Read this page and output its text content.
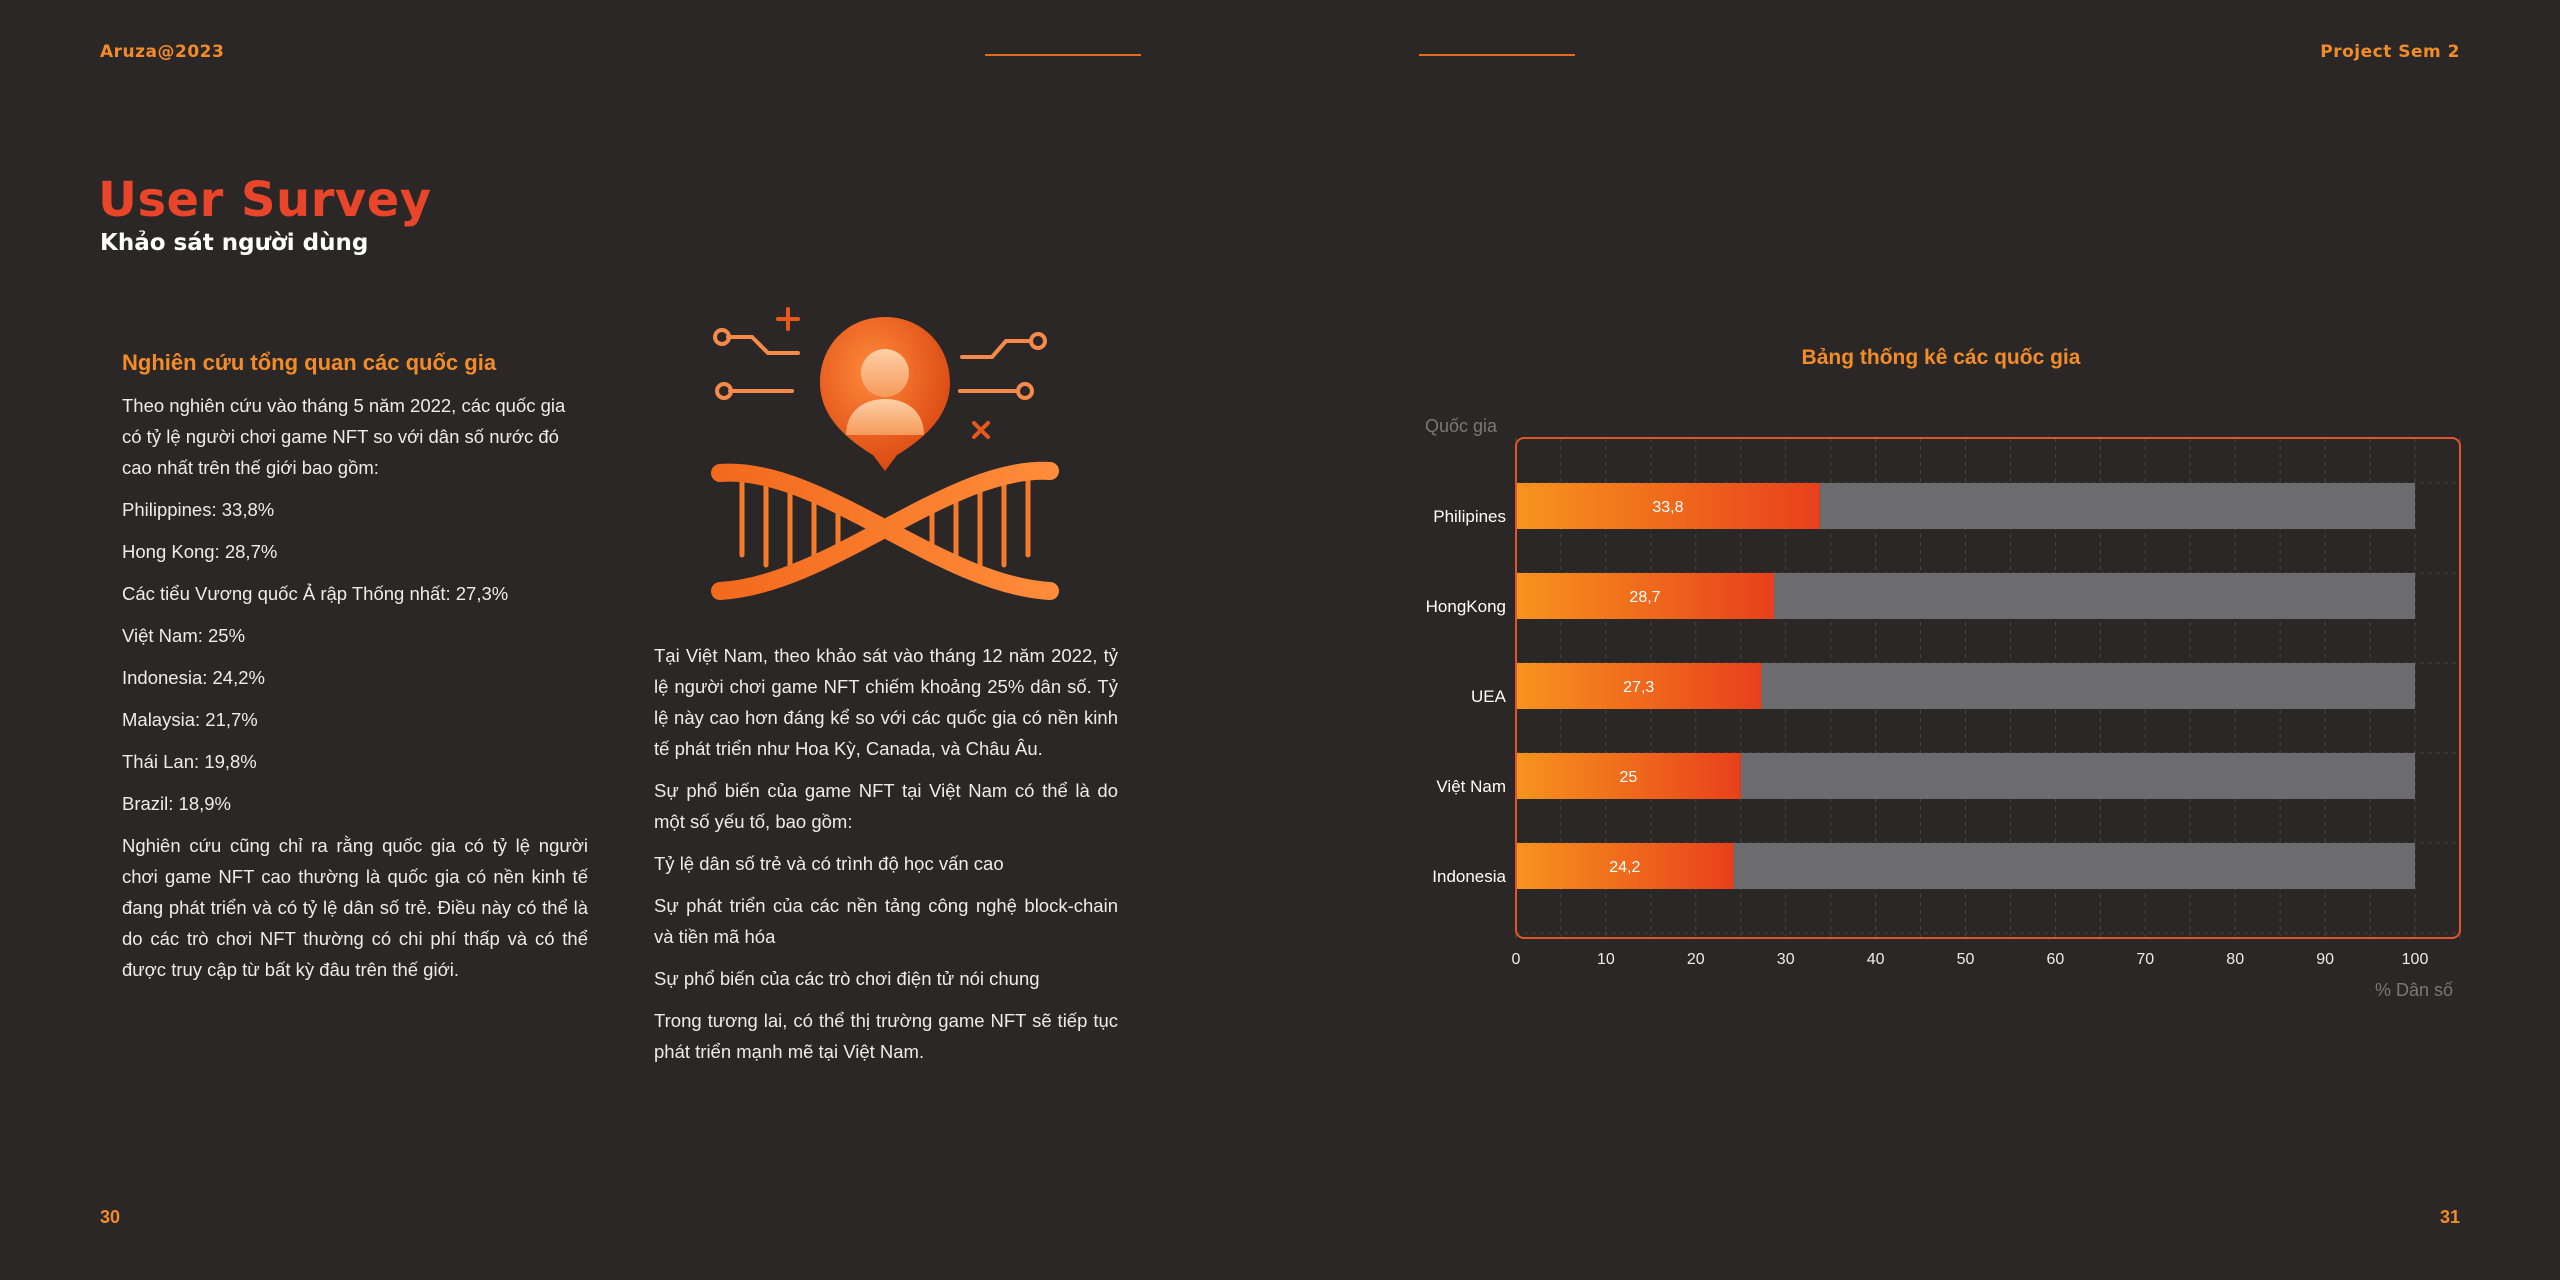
Aruza@2023	Project Sem 2
User Survey
Khảo sát người dùng
Nghiên cứu tổng quan các quốc gia

Theo nghiên cứu vào tháng 5 năm 2022, các quốc gia có tỷ lệ người chơi game NFT so với dân số nước đó cao nhất trên thế giới bao gồm:

Philippines: 33,8%

Hong Kong: 28,7%

Các tiểu Vương quốc Ả rập Thống nhất: 27,3%

Việt Nam: 25%

Indonesia: 24,2%

Malaysia: 21,7%

Thái Lan: 19,8%

Brazil: 18,9%

Nghiên cứu cũng chỉ ra rằng quốc gia có tỷ lệ người chơi game NFT cao thường là quốc gia có nền kinh tế đang phát triển và có tỷ lệ dân số trẻ. Điều này có thể là do các trò chơi NFT thường có chi phí thấp và có thể được truy cập từ bất kỳ đâu trên thế giới.

Tại Việt Nam, theo khảo sát vào tháng 12 năm 2022, tỷ lệ người chơi game NFT chiếm khoảng 25% dân số. Tỷ lệ này cao hơn đáng kể so với các quốc gia có nền kinh tế phát triển như Hoa Kỳ, Canada, và Châu Âu.

Sự phổ biến của game NFT tại Việt Nam có thể là do một số yếu tố, bao gồm:

Tỷ lệ dân số trẻ và có trình độ học vấn cao

Sự phát triển của các nền tảng công nghệ block-chain và tiền mã hóa

Sự phổ biến của các trò chơi điện tử nói chung

Trong tương lai, có thể thị trường game NFT sẽ tiếp tục phát triển mạnh mẽ tại Việt Nam.

Bảng thống kê các quốc gia
Quốc gia
% Dân số
33,8
Philipines
28,7
HongKong
27,3
UEA
25
Việt Nam
24,2
Indonesia
0	10	20	30	40	50	60	70	80	90	100
30	31
